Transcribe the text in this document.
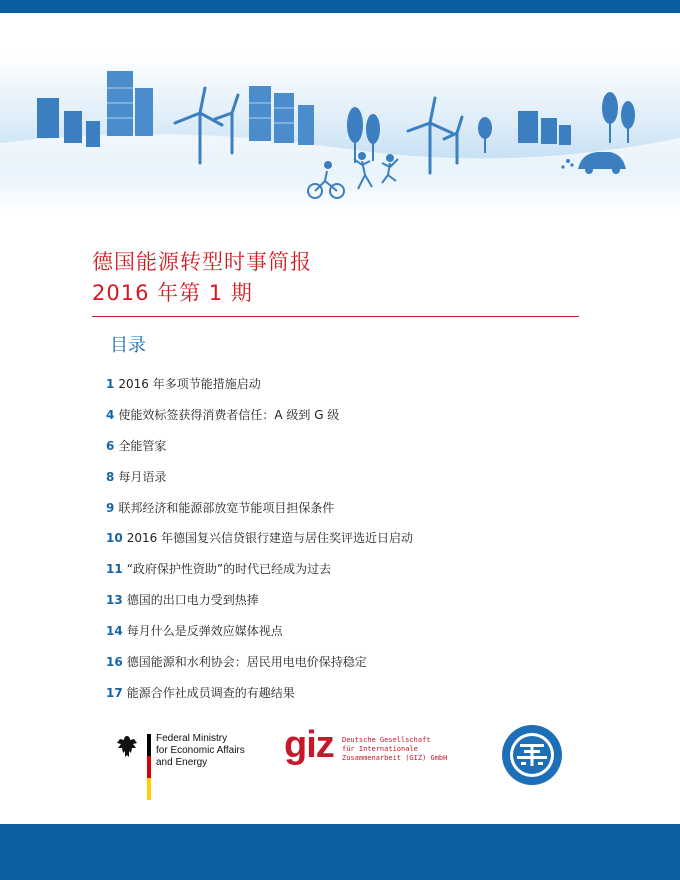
德国能源转型时事简报
2016 年第 1 期
目录
1 2016 年多项节能措施启动
4 使能效标签获得消费者信任：A 级到 G 级
6 全能管家
8 每月语录
9 联邦经济和能源部放宽节能项目担保条件
10 2016 年德国复兴信贷银行建造与居住奖评选近日启动
11 “政府保护性资助”的时代已经成为过去
13 德国的出口电力受到热捧
14 每月什么是反弹效应媒体视点
16 德国能源和水利协会：居民用电电价保持稳定
17 能源合作社成员调查的有趣结果
Federal Ministry
for Economic Affairs
and Energy	giz Deutsche Gesellschaft
für Internationale
Zusammenarbeit (GIZ) GmbH
